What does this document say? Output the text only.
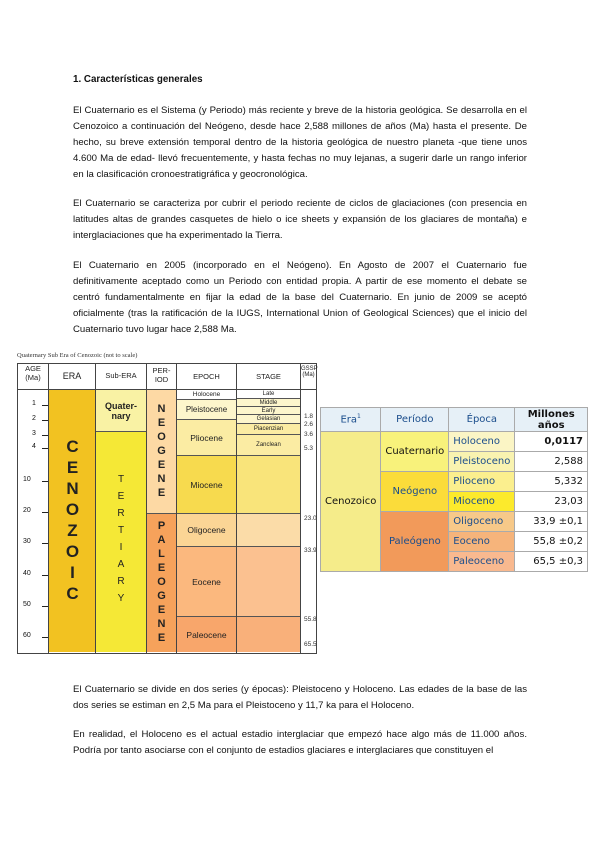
1. Características generales
El Cuaternario es el Sistema (y Periodo) más reciente y breve de la historia geológica. Se desarrolla en el Cenozoico a continuación del Neógeno, desde hace 2,588 millones de años (Ma) hasta el presente. De hecho, su breve extensión temporal dentro de la historia geológica de nuestro planeta -que tiene unos 4.600 Ma de edad- llevó frecuentemente, y hasta fechas no muy lejanas, a sugerir darle un rango inferior en la clasificación cronoestratigráfica y geocronológica.
El Cuaternario se caracteriza por cubrir el periodo reciente de ciclos de glaciaciones (con presencia en latitudes altas de grandes casquetes de hielo o ice sheets y expansión de los glaciares de montaña) e interglaciaciones que ha experimentado la Tierra.
El Cuaternario en 2005 (incorporado en el Neógeno). En Agosto de 2007 el Cuaternario fue definitivamente aceptado como un Periodo con entidad propia. A partir de ese momento el debate se centró fundamentalmente en fijar la edad de la base del Cuaternario. En junio de 2009 se aceptó oficialmente (tras la ratificación de la IUGS, International Union of Geological Sciences) que el inicio del Cuaternario tuvo lugar hace 2,588 Ma.
Quaternary Sub Era of Cenozoic (not to scale)
AGE (Ma)
1
2
3
4
10
20
30
40
50
60
ERA
CENOZOIC
Sub-ERA
Quater-nary
TERTIARY
PER-IOD
NEOGENE
PALEOGENE
EPOCH
Holocene
Pleistocene
Pliocene
Miocene
Oligocene
Eocene
Paleocene
STAGE
Late
Middle
Early
Gelasian
Piacenzian
Zanclean
GSSP (Ma)
1.8
2.6
3.6
5.3
23.0
33.9
55.8
65.5
Era$^1$	Período	Época	Millones años
Cenozoico	Cuaternario	Holoceno	0,0117
		Pleistoceno	2,588
	Neógeno	Plioceno	5,332
		Mioceno	23,03
	Paleógeno	Oligoceno	33,9 ±0,1
		Eoceno	55,8 ±0,2
		Paleoceno	65,5 ±0,3
El Cuaternario se divide en dos series (y épocas): Pleistoceno y Holoceno. Las edades de la base de las dos series se estiman en 2,5 Ma para el Pleistoceno y 11,7 ka para el Holoceno.
En realidad, el Holoceno es el actual estadio interglaciar que empezó hace algo más de 11.000 años. Podría por tanto asociarse con el conjunto de estadios glaciares e interglaciares que constituyen el
